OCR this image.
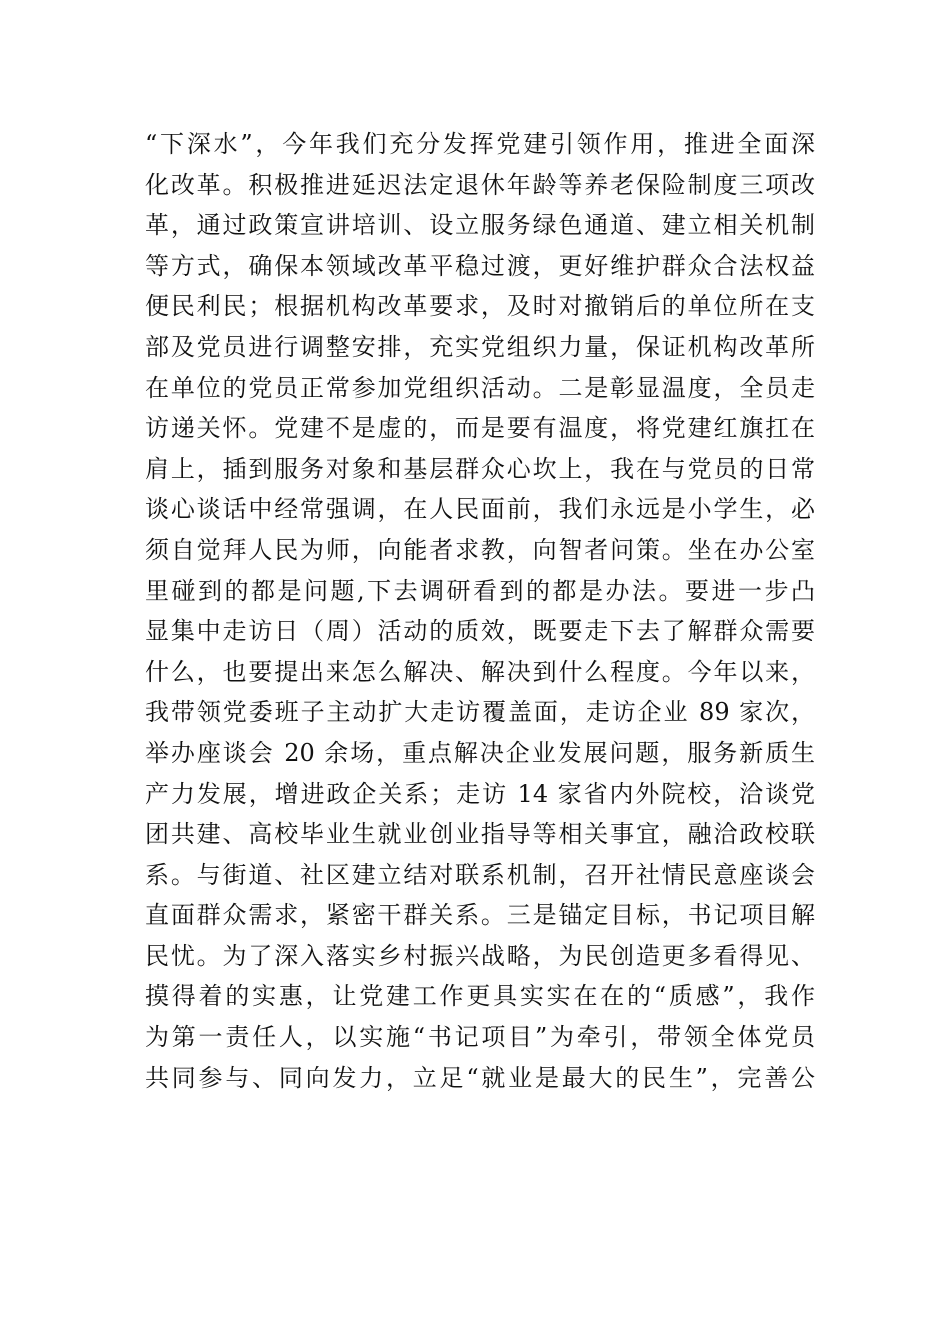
“下深水”，今年我们充分发挥党建引领作用，推进全面深
化改革。积极推进延迟法定退休年龄等养老保险制度三项改
革，通过政策宣讲培训、设立服务绿色通道、建立相关机制
等方式，确保本领域改革平稳过渡，更好维护群众合法权益
便民利民；根据机构改革要求，及时对撤销后的单位所在支
部及党员进行调整安排，充实党组织力量，保证机构改革所
在单位的党员正常参加党组织活动。二是彰显温度，全员走
访递关怀。党建不是虚的，而是要有温度，将党建红旗扛在
肩上，插到服务对象和基层群众心坎上，我在与党员的日常
谈心谈话中经常强调，在人民面前，我们永远是小学生，必
须自觉拜人民为师，向能者求教，向智者问策。坐在办公室
里碰到的都是问题,下去调研看到的都是办法。要进一步凸
显集中走访日（周）活动的质效，既要走下去了解群众需要
什么，也要提出来怎么解决、解决到什么程度。今年以来，
我带领党委班子主动扩大走访覆盖面，走访企业 89 家次，
举办座谈会 20 余场，重点解决企业发展问题，服务新质生
产力发展，增进政企关系；走访 14 家省内外院校，洽谈党
团共建、高校毕业生就业创业指导等相关事宜，融洽政校联
系。与街道、社区建立结对联系机制，召开社情民意座谈会
直面群众需求，紧密干群关系。三是锚定目标，书记项目解
民忧。为了深入落实乡村振兴战略，为民创造更多看得见、
摸得着的实惠，让党建工作更具实实在在的“质感”，我作
为第一责任人，以实施“书记项目”为牵引，带领全体党员
共同参与、同向发力，立足“就业是最大的民生”，完善公
